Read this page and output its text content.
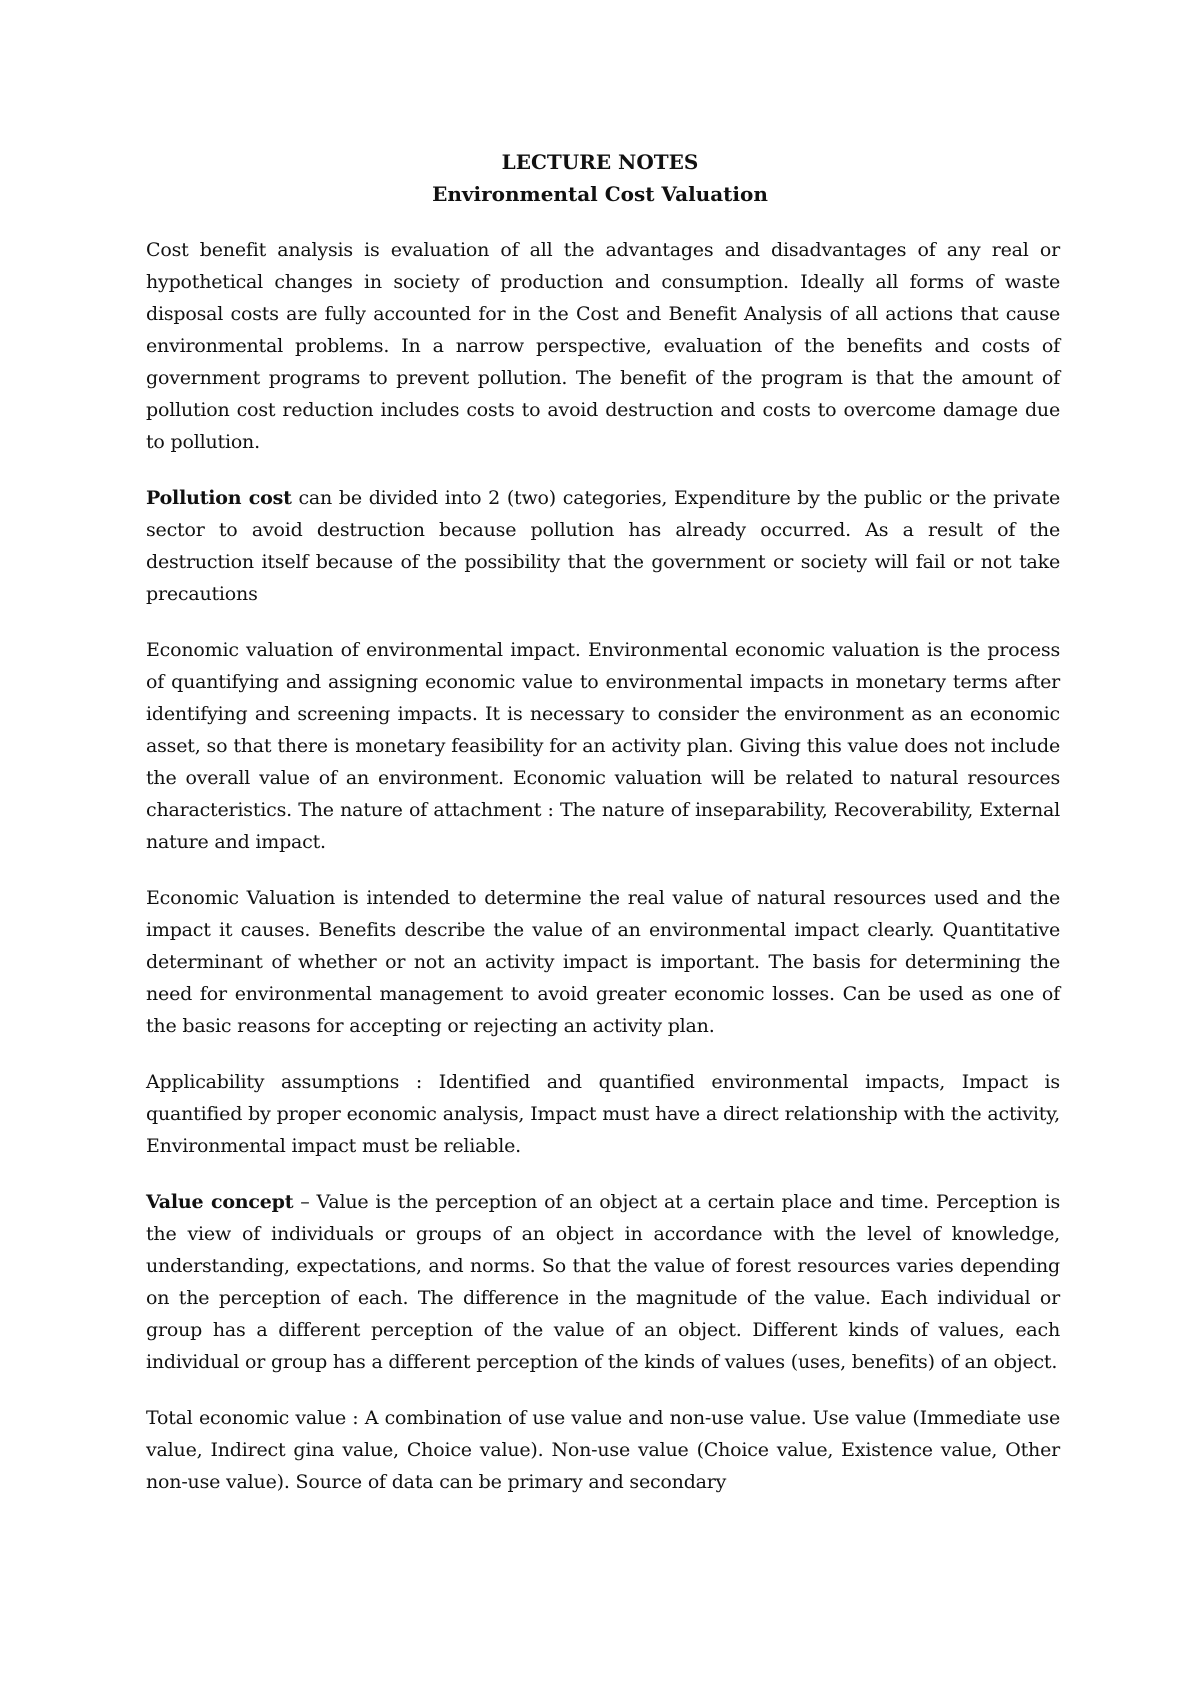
LECTURE NOTES

Environmental Cost Valuation

Cost benefit analysis is evaluation of all the advantages and disadvantages of any real or hypothetical changes in society of production and consumption. Ideally all forms of waste disposal costs are fully accounted for in the Cost and Benefit Analysis of all actions that cause environmental problems. In a narrow perspective, evaluation of the benefits and costs of government programs to prevent pollution. The benefit of the program is that the amount of pollution cost reduction includes costs to avoid destruction and costs to overcome damage due to pollution.

Pollution cost can be divided into 2 (two) categories, Expenditure by the public or the private sector to avoid destruction because pollution has already occurred. As a result of the destruction itself because of the possibility that the government or society will fail or not take precautions

Economic valuation of environmental impact. Environmental economic valuation is the process of quantifying and assigning economic value to environmental impacts in monetary terms after identifying and screening impacts. It is necessary to consider the environment as an economic asset, so that there is monetary feasibility for an activity plan. Giving this value does not include the overall value of an environment. Economic valuation will be related to natural resources characteristics. The nature of attachment : The nature of inseparability, Recoverability, External nature and impact.

Economic Valuation is intended to determine the real value of natural resources used and the impact it causes. Benefits describe the value of an environmental impact clearly. Quantitative determinant of whether or not an activity impact is important. The basis for determining the need for environmental management to avoid greater economic losses. Can be used as one of the basic reasons for accepting or rejecting an activity plan.

Applicability assumptions : Identified and quantified environmental impacts, Impact is quantified by proper economic analysis, Impact must have a direct relationship with the activity, Environmental impact must be reliable.

Value concept – Value is the perception of an object at a certain place and time. Perception is the view of individuals or groups of an object in accordance with the level of knowledge, understanding, expectations, and norms. So that the value of forest resources varies depending on the perception of each. The difference in the magnitude of the value. Each individual or group has a different perception of the value of an object. Different kinds of values, each individual or group has a different perception of the kinds of values (uses, benefits) of an object.

Total economic value : A combination of use value and non-use value. Use value (Immediate use value, Indirect gina value, Choice value). Non-use value (Choice value, Existence value, Other non-use value). Source of data can be primary and secondary
